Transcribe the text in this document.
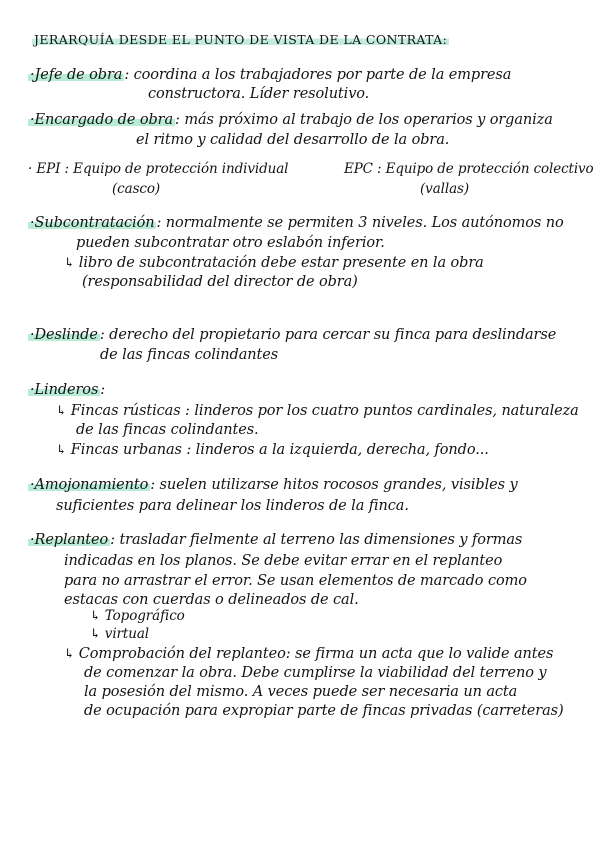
JERARQUÍA DESDE EL PUNTO DE VISTA DE LA CONTRATA:
·Jefe de obra : coordina a los trabajadores por parte de la empresa
constructora. Líder resolutivo.
·Encargado de obra : más próximo al trabajo de los operarios y organiza
el ritmo y calidad del desarrollo de la obra.
· EPI : Equipo de protección individual
(casco)
EPC : Equipo de protección colectivo
(vallas)
·Subcontratación : normalmente se permiten 3 niveles. Los autónomos no
pueden subcontratar otro eslabón inferior.
↳ libro de subcontratación debe estar presente en la obra
(responsabilidad del director de obra)
·Deslinde : derecho del propietario para cercar su finca para deslindarse
de las fincas colindantes
·Linderos :
↳ Fincas rústicas : linderos por los cuatro puntos cardinales, naturaleza
de las fincas colindantes.
↳ Fincas urbanas : linderos a la izquierda, derecha, fondo...
·Amojonamiento : suelen utilizarse hitos rocosos grandes, visibles y
suficientes para delinear los linderos de la finca.
·Replanteo : trasladar fielmente al terreno las dimensiones y formas
indicadas en los planos. Se debe evitar errar en el replanteo
para no arrastrar el error. Se usan elementos de marcado como
estacas con cuerdas o delineados de cal.
↳ Topográfico
↳ virtual
↳ Comprobación del replanteo: se firma un acta que lo valide antes
de comenzar la obra. Debe cumplirse la viabilidad del terreno y
la posesión del mismo. A veces puede ser necesaria un acta
de ocupación para expropiar parte de fincas privadas (carreteras)
